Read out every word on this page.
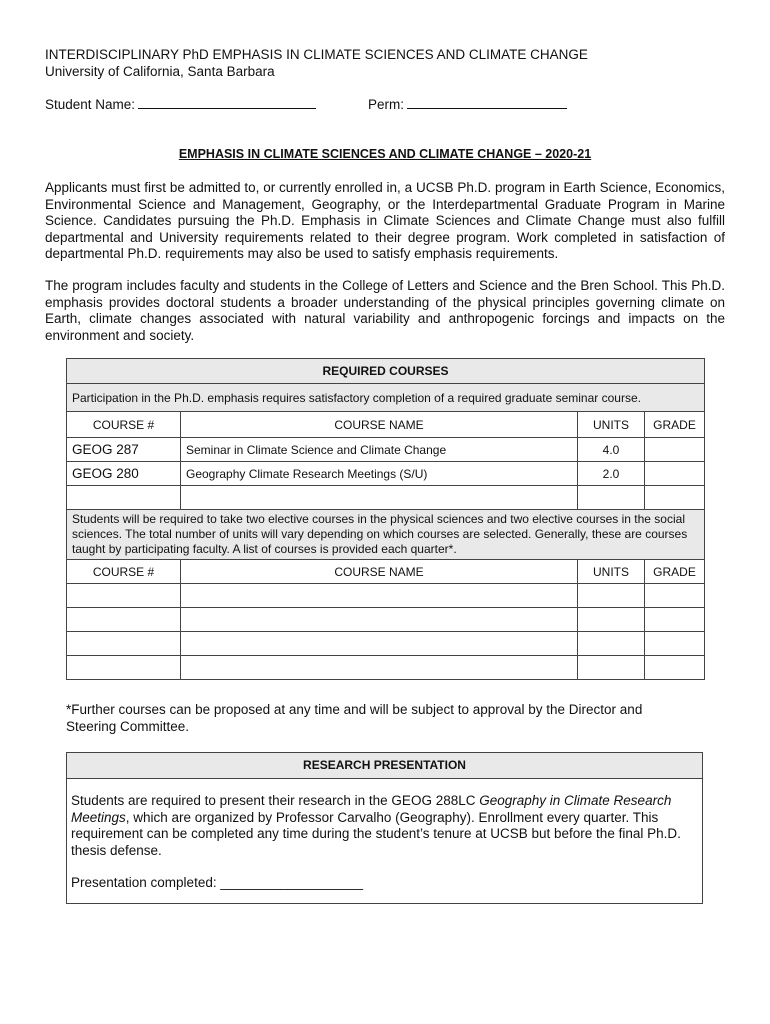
INTERDISCIPLINARY PhD EMPHASIS IN CLIMATE SCIENCES AND CLIMATE CHANGE
University of California, Santa Barbara
Student Name:	Perm:
EMPHASIS IN CLIMATE SCIENCES AND CLIMATE CHANGE – 2020-21
Applicants must first be admitted to, or currently enrolled in, a UCSB Ph.D. program in Earth Science, Economics, Environmental Science and Management, Geography, or the Interdepartmental Graduate Program in Marine Science. Candidates pursuing the Ph.D. Emphasis in Climate Sciences and Climate Change must also fulfill departmental and University requirements related to their degree program. Work completed in satisfaction of departmental Ph.D. requirements may also be used to satisfy emphasis requirements.
The program includes faculty and students in the College of Letters and Science and the Bren School. This Ph.D. emphasis provides doctoral students a broader understanding of the physical principles governing climate on Earth, climate changes associated with natural variability and anthropogenic forcings and impacts on the environment and society.
REQUIRED COURSES			
Participation in the Ph.D. emphasis requires satisfactory completion of a required graduate seminar course.			
COURSE #	COURSE NAME	UNITS	GRADE
GEOG 287	Seminar in Climate Science and Climate Change	4.0	
GEOG 280	Geography Climate Research Meetings (S/U)	2.0	

Students will be required to take two elective courses in the physical sciences and two elective courses in the social sciences. The total number of units will vary depending on which courses are selected. Generally, these are courses taught by participating faculty. A list of courses is provided each quarter*.			
COURSE #	COURSE NAME	UNITS	GRADE

*Further courses can be proposed at any time and will be subject to approval by the Director and Steering Committee.
RESEARCH PRESENTATION
Students are required to present their research in the GEOG 288LC Geography in Climate Research Meetings, which are organized by Professor Carvalho (Geography). Enrollment every quarter. This requirement can be completed any time during the student’s tenure at UCSB but before the final Ph.D. thesis defense.
Presentation completed: ___________________
